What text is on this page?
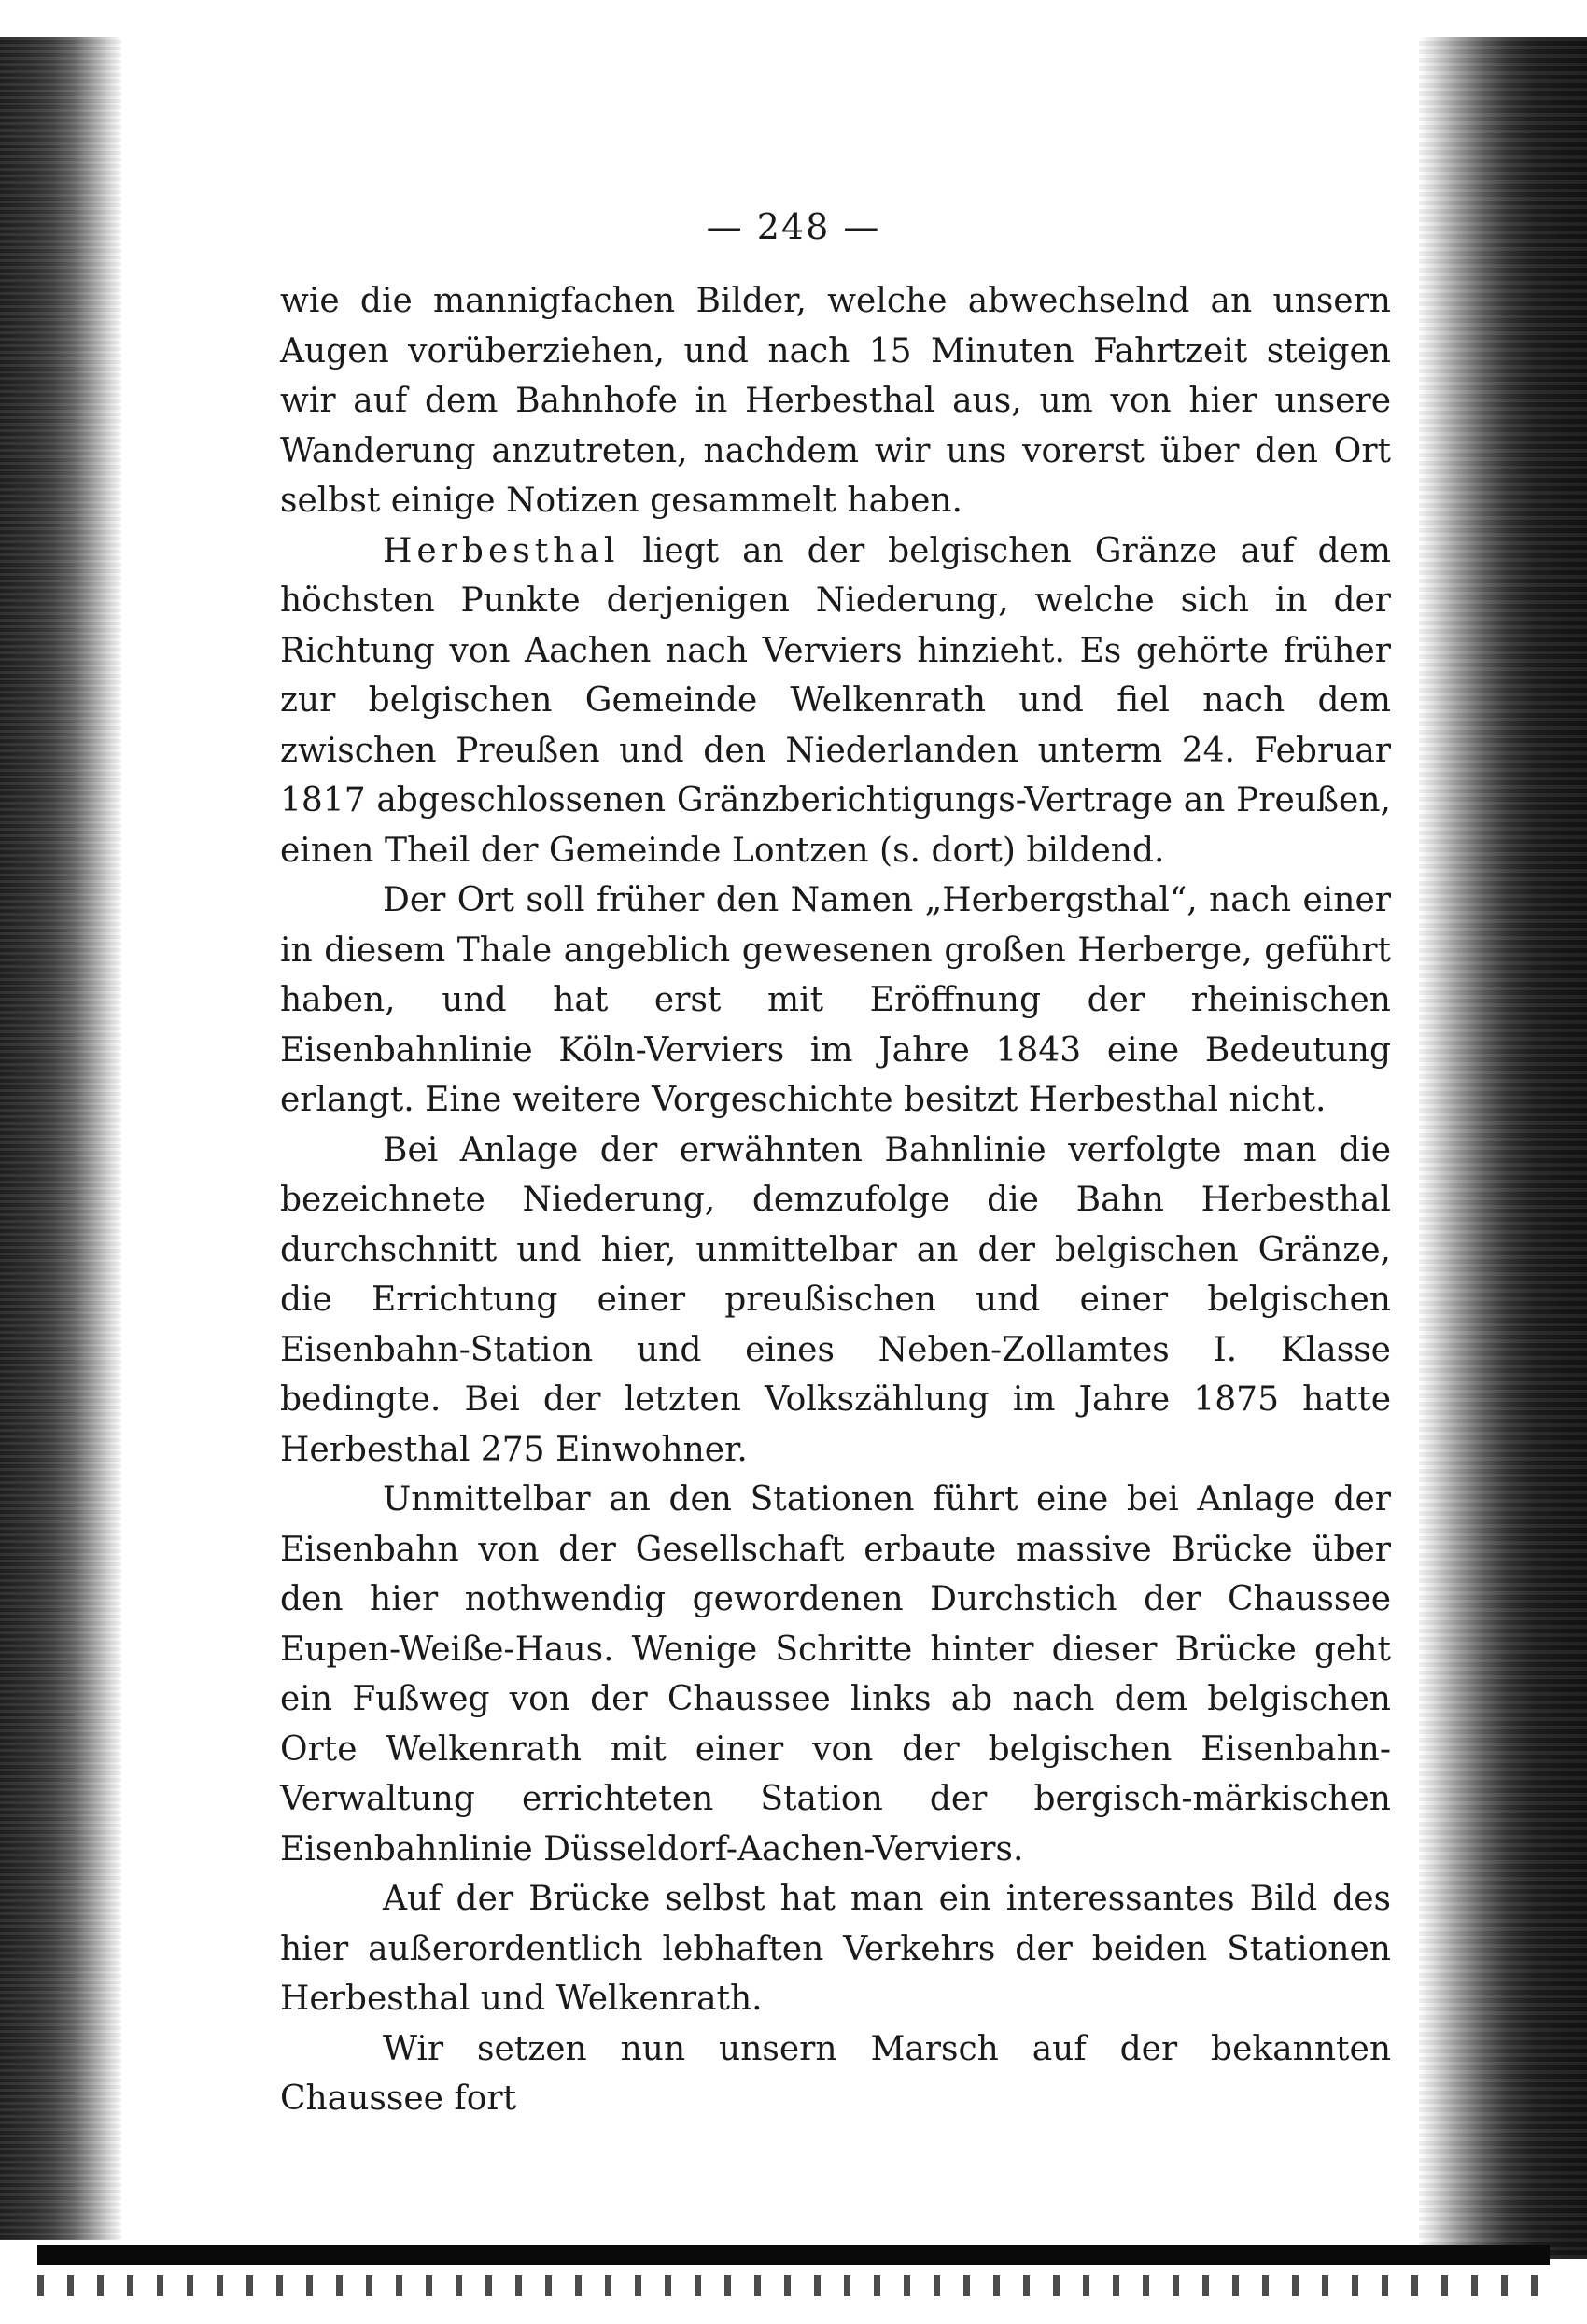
— 248 —

wie die mannigfachen Bilder, welche abwechselnd an unsern Augen vorüberziehen, und nach 15 Minuten Fahrtzeit steigen wir auf dem Bahnhofe in Herbesthal aus, um von hier unsere Wanderung anzutreten, nachdem wir uns vorerst über den Ort selbst einige Notizen gesammelt haben.

Herbesthal liegt an der belgischen Gränze auf dem höchsten Punkte derjenigen Niederung, welche sich in der Richtung von Aachen nach Verviers hinzieht. Es gehörte früher zur belgischen Gemeinde Welkenrath und fiel nach dem zwischen Preußen und den Niederlanden unterm 24. Februar 1817 abgeschlossenen Gränzberichtigungs-Vertrage an Preußen, einen Theil der Gemeinde Lontzen (s. dort) bildend.

Der Ort soll früher den Namen „Herbergsthal“, nach einer in diesem Thale angeblich gewesenen großen Herberge, geführt haben, und hat erst mit Eröffnung der rheinischen Eisenbahnlinie Köln-Verviers im Jahre 1843 eine Bedeutung erlangt. Eine weitere Vorgeschichte besitzt Herbesthal nicht.

Bei Anlage der erwähnten Bahnlinie verfolgte man die bezeichnete Niederung, demzufolge die Bahn Herbesthal durchschnitt und hier, unmittelbar an der belgischen Gränze, die Errichtung einer preußischen und einer belgischen Eisenbahn-Station und eines Neben-Zollamtes I. Klasse bedingte. Bei der letzten Volkszählung im Jahre 1875 hatte Herbesthal 275 Einwohner.

Unmittelbar an den Stationen führt eine bei Anlage der Eisenbahn von der Gesellschaft erbaute massive Brücke über den hier nothwendig gewordenen Durchstich der Chaussee Eupen-Weiße-Haus. Wenige Schritte hinter dieser Brücke geht ein Fußweg von der Chaussee links ab nach dem belgischen Orte Welkenrath mit einer von der belgischen Eisenbahn-Verwaltung errichteten Station der bergisch-märkischen Eisenbahnlinie Düsseldorf-Aachen-Verviers.

Auf der Brücke selbst hat man ein interessantes Bild des hier außerordentlich lebhaften Verkehrs der beiden Stationen Herbesthal und Welkenrath.

Wir setzen nun unsern Marsch auf der bekannten Chaussee fort
